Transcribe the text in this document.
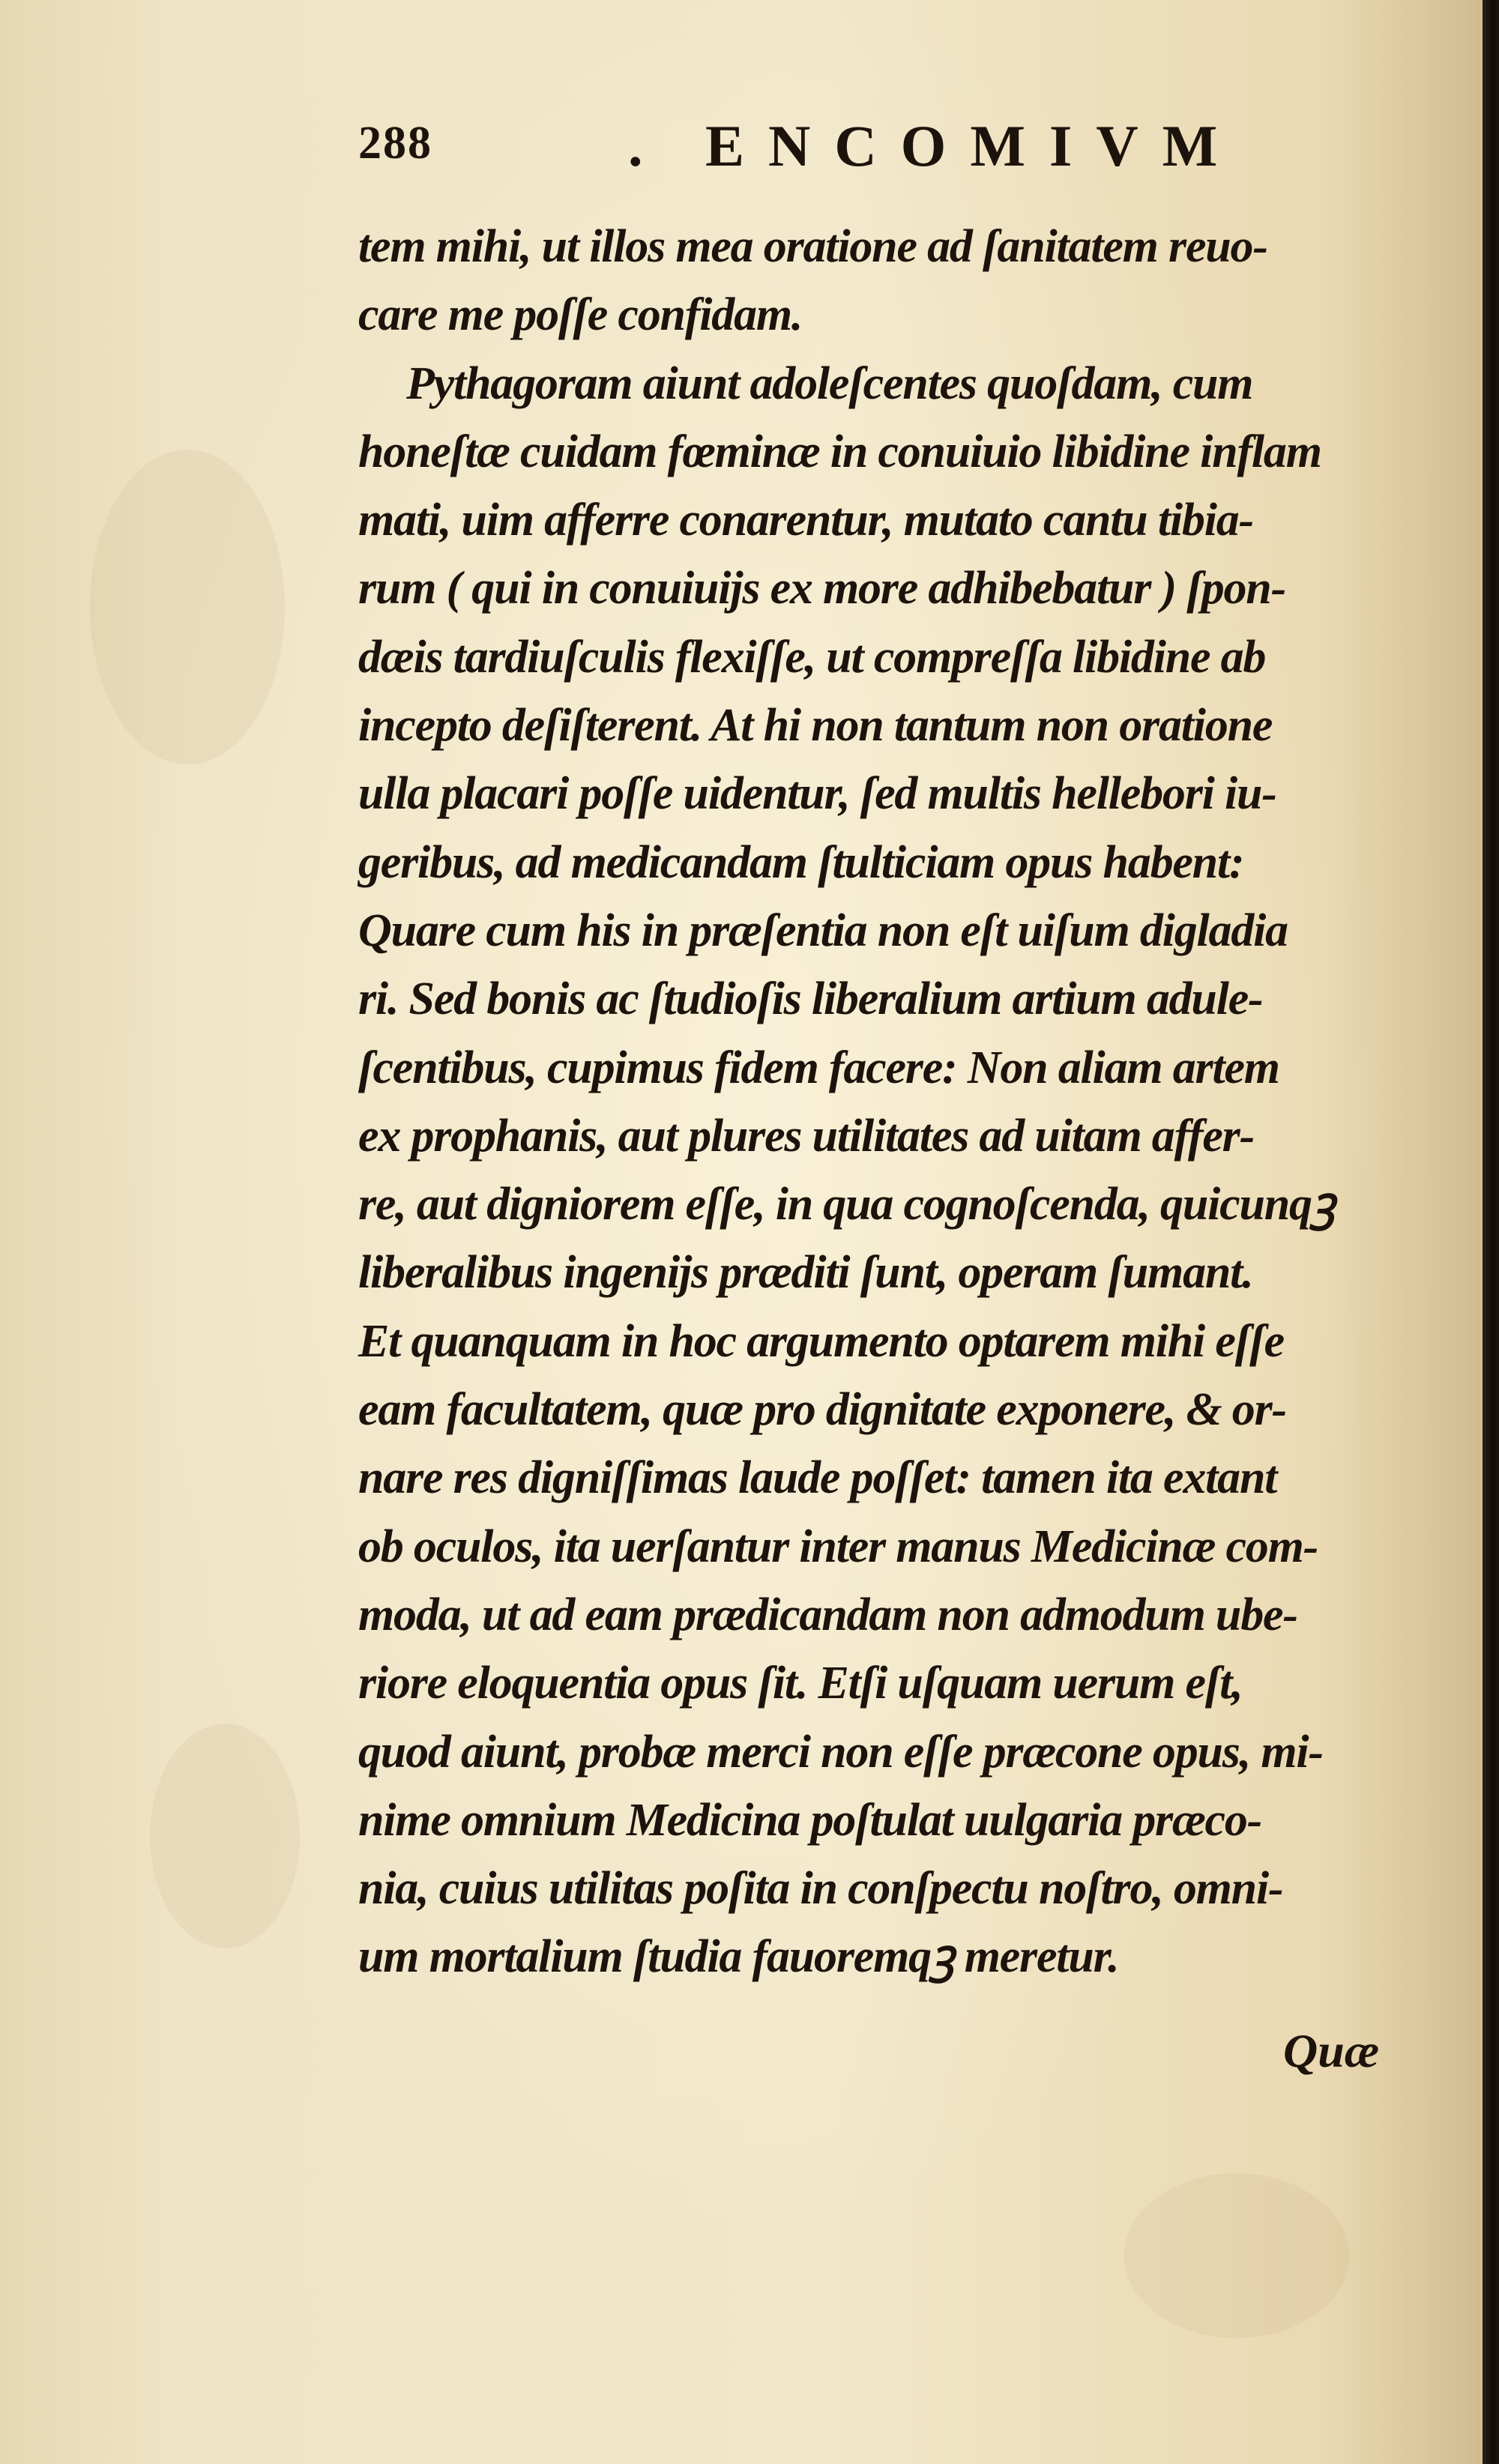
288	. ENCOMIVM
tem mihi, ut illos mea oratione ad ſanitatem reuo-
care me poſſe confidam.
Pythagoram aiunt adoleſcentes quoſdam, cum
honeſtæ cuidam fœminæ in conuiuio libidine inflam
mati, uim afferre conarentur, mutato cantu tibia-
rum ( qui in conuiuijs ex more adhibebatur ) ſpon-
dæis tardiuſculis flexiſſe, ut compreſſa libidine ab
incepto deſiſterent. At hi non tantum non oratione
ulla placari poſſe uidentur, ſed multis hellebori iu-
geribus, ad medicandam ſtulticiam opus habent:
Quare cum his in præſentia non eſt uiſum digladia
ri. Sed bonis ac ſtudioſis liberalium artium adule-
ſcentibus, cupimus fidem facere: Non aliam artem
ex prophanis, aut plures utilitates ad uitam affer-
re, aut digniorem eſſe, in qua cognoſcenda, quicunqꝫ
liberalibus ingenijs præditi ſunt, operam ſumant.
Et quanquam in hoc argumento optarem mihi eſſe
eam facultatem, quæ pro dignitate exponere, & or-
nare res digniſſimas laude poſſet: tamen ita extant
ob oculos, ita uerſantur inter manus Medicinæ com-
moda, ut ad eam prædicandam non admodum ube-
riore eloquentia opus ſit. Etſi uſquam uerum eſt,
quod aiunt, probæ merci non eſſe præcone opus, mi-
nime omnium Medicina poſtulat uulgaria præco-
nia, cuius utilitas poſita in conſpectu noſtro, omni-
um mortalium ſtudia fauoremqꝫ meretur.
Quæ
